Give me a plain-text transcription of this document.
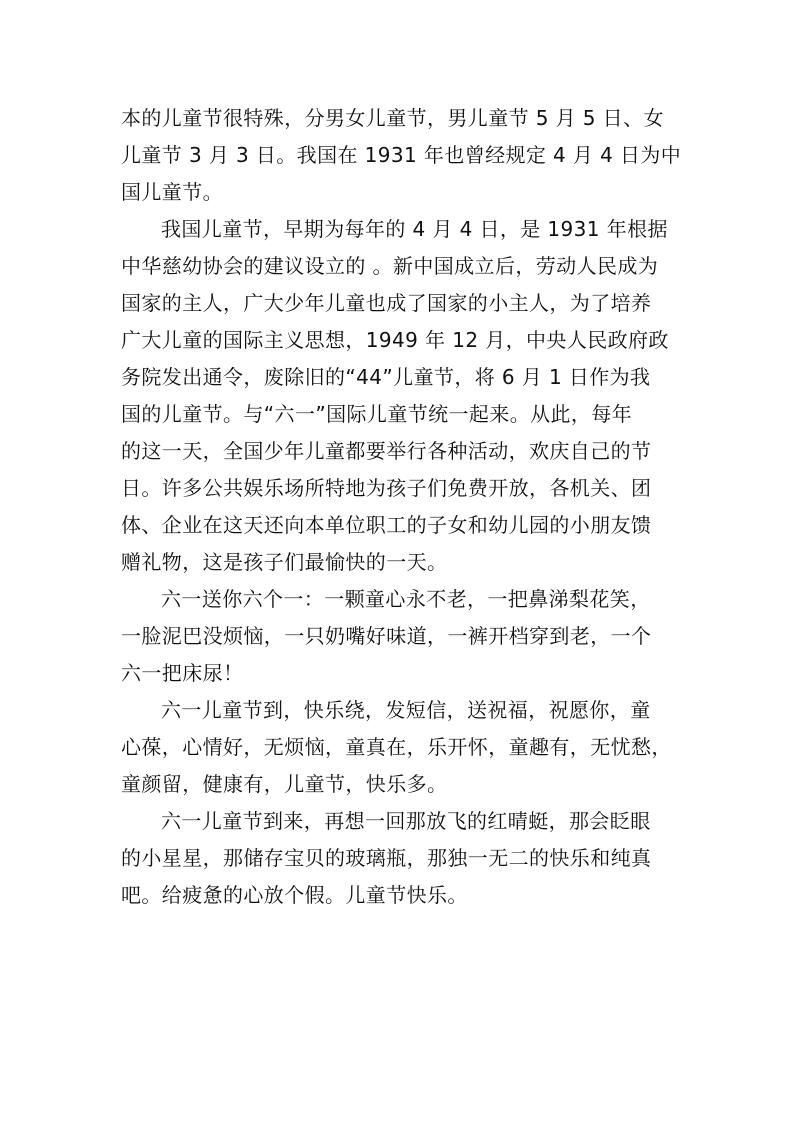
本的儿童节很特殊，分男女儿童节，男儿童节 5 月 5 日、女
儿童节 3 月 3 日。我国在 1931 年也曾经规定 4 月 4 日为中
国儿童节。
我国儿童节，早期为每年的 4 月 4 日，是 1931 年根据
中华慈幼协会的建议设立的 。新中国成立后，劳动人民成为
国家的主人，广大少年儿童也成了国家的小主人，为了培养
广大儿童的国际主义思想，1949 年 12 月，中央人民政府政
务院发出通令，废除旧的“44”儿童节，将 6 月 1 日作为我
国的儿童节。与“六一”国际儿童节统一起来。从此，每年
的这一天，全国少年儿童都要举行各种活动，欢庆自己的节
日。许多公共娱乐场所特地为孩子们免费开放，各机关、团
体、企业在这天还向本单位职工的子女和幼儿园的小朋友馈
赠礼物，这是孩子们最愉快的一天。
六一送你六个一：一颗童心永不老，一把鼻涕梨花笑，
一脸泥巴没烦恼，一只奶嘴好味道，一裤开档穿到老，一个
六一把床尿！
六一儿童节到，快乐绕，发短信，送祝福，祝愿你，童
心葆，心情好，无烦恼，童真在，乐开怀，童趣有，无忧愁，
童颜留，健康有，儿童节，快乐多。
六一儿童节到来，再想一回那放飞的红晴蜓，那会眨眼
的小星星，那储存宝贝的玻璃瓶，那独一无二的快乐和纯真
吧。给疲惫的心放个假。儿童节快乐。
